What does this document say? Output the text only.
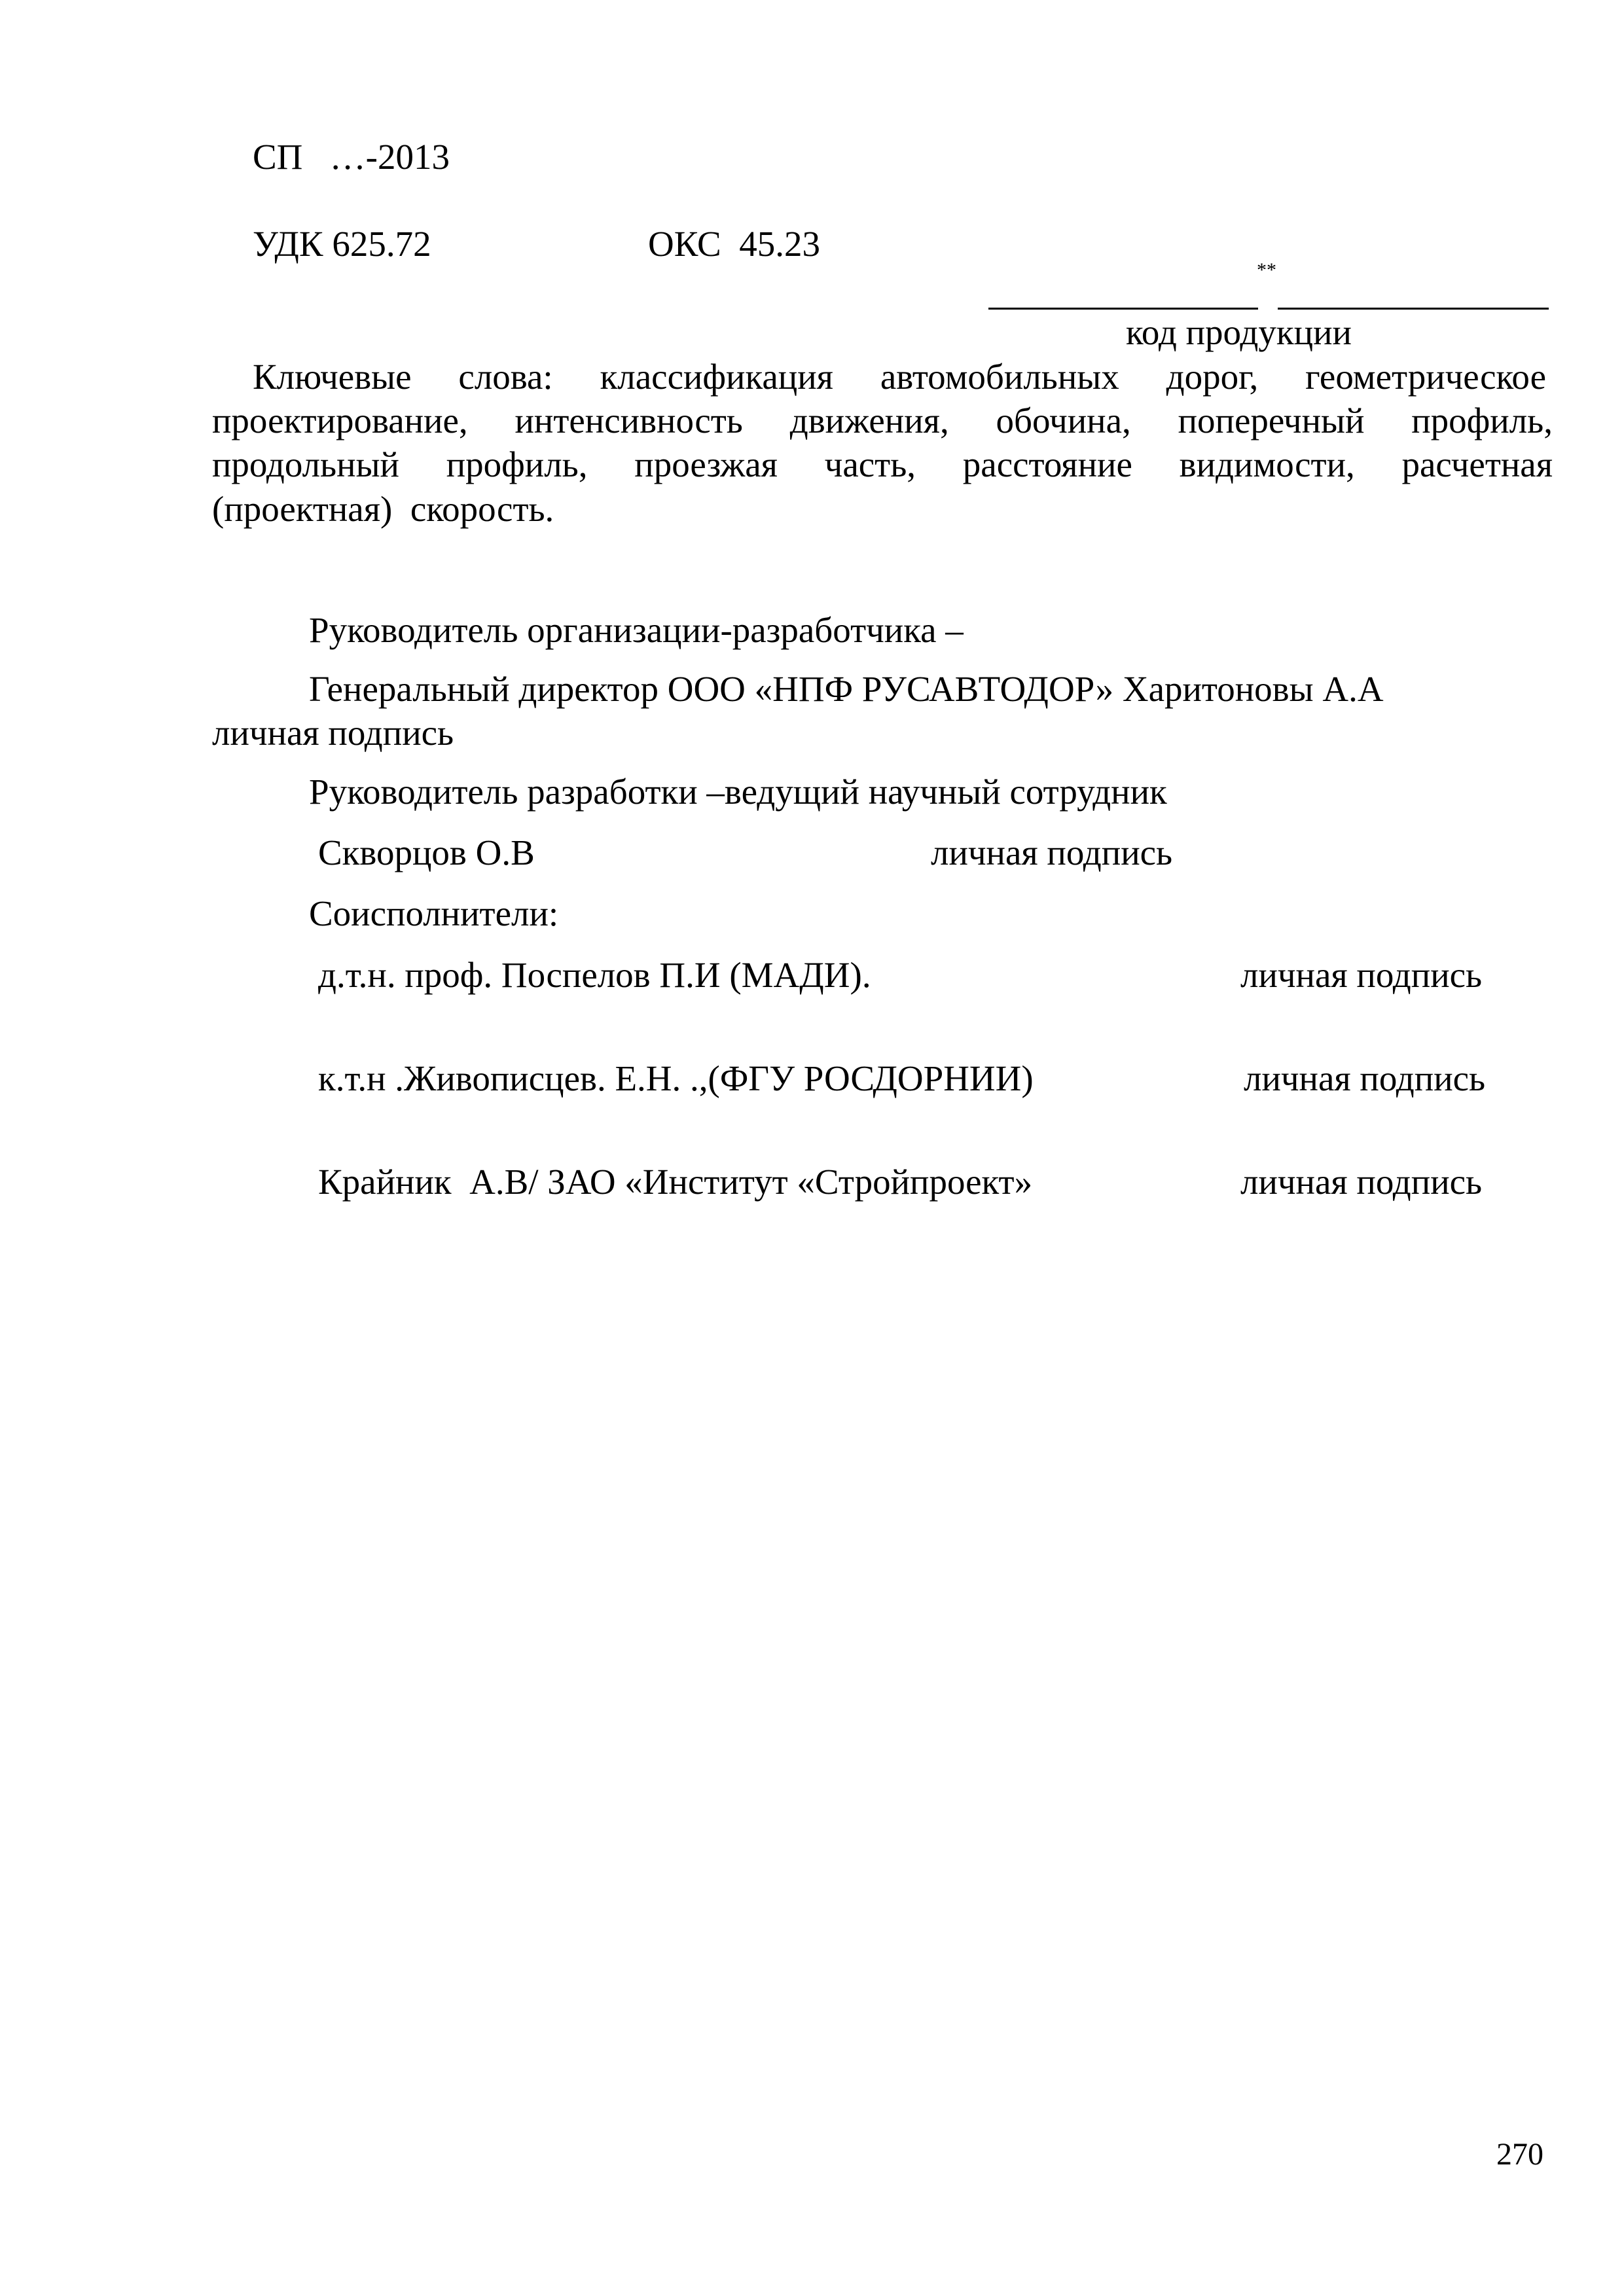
СП   …-2013
УДК 625.72	ОКС  45.23
**
код продукции
Ключевые слова: классификация автомобильных дорог, геометрическое
проектирование, интенсивность движения, обочина, поперечный профиль,
продольный профиль, проезжая часть, расстояние видимости, расчетная
(проектная)  скорость.
Руководитель организации-разработчика –
Генеральный директор ООО «НПФ РУСАВТОДОР» Харитоновы А.А
личная подпись
Руководитель разработки –ведущий научный сотрудник
Скворцов О.В	личная подпись
Соисполнители:
д.т.н. проф. Поспелов П.И (МАДИ).	личная подпись
к.т.н .Живописцев. Е.Н. .,(ФГУ РОСДОРНИИ)	личная подпись
Крайник  А.В/ ЗАО «Институт «Стройпроект»	личная подпись
270
